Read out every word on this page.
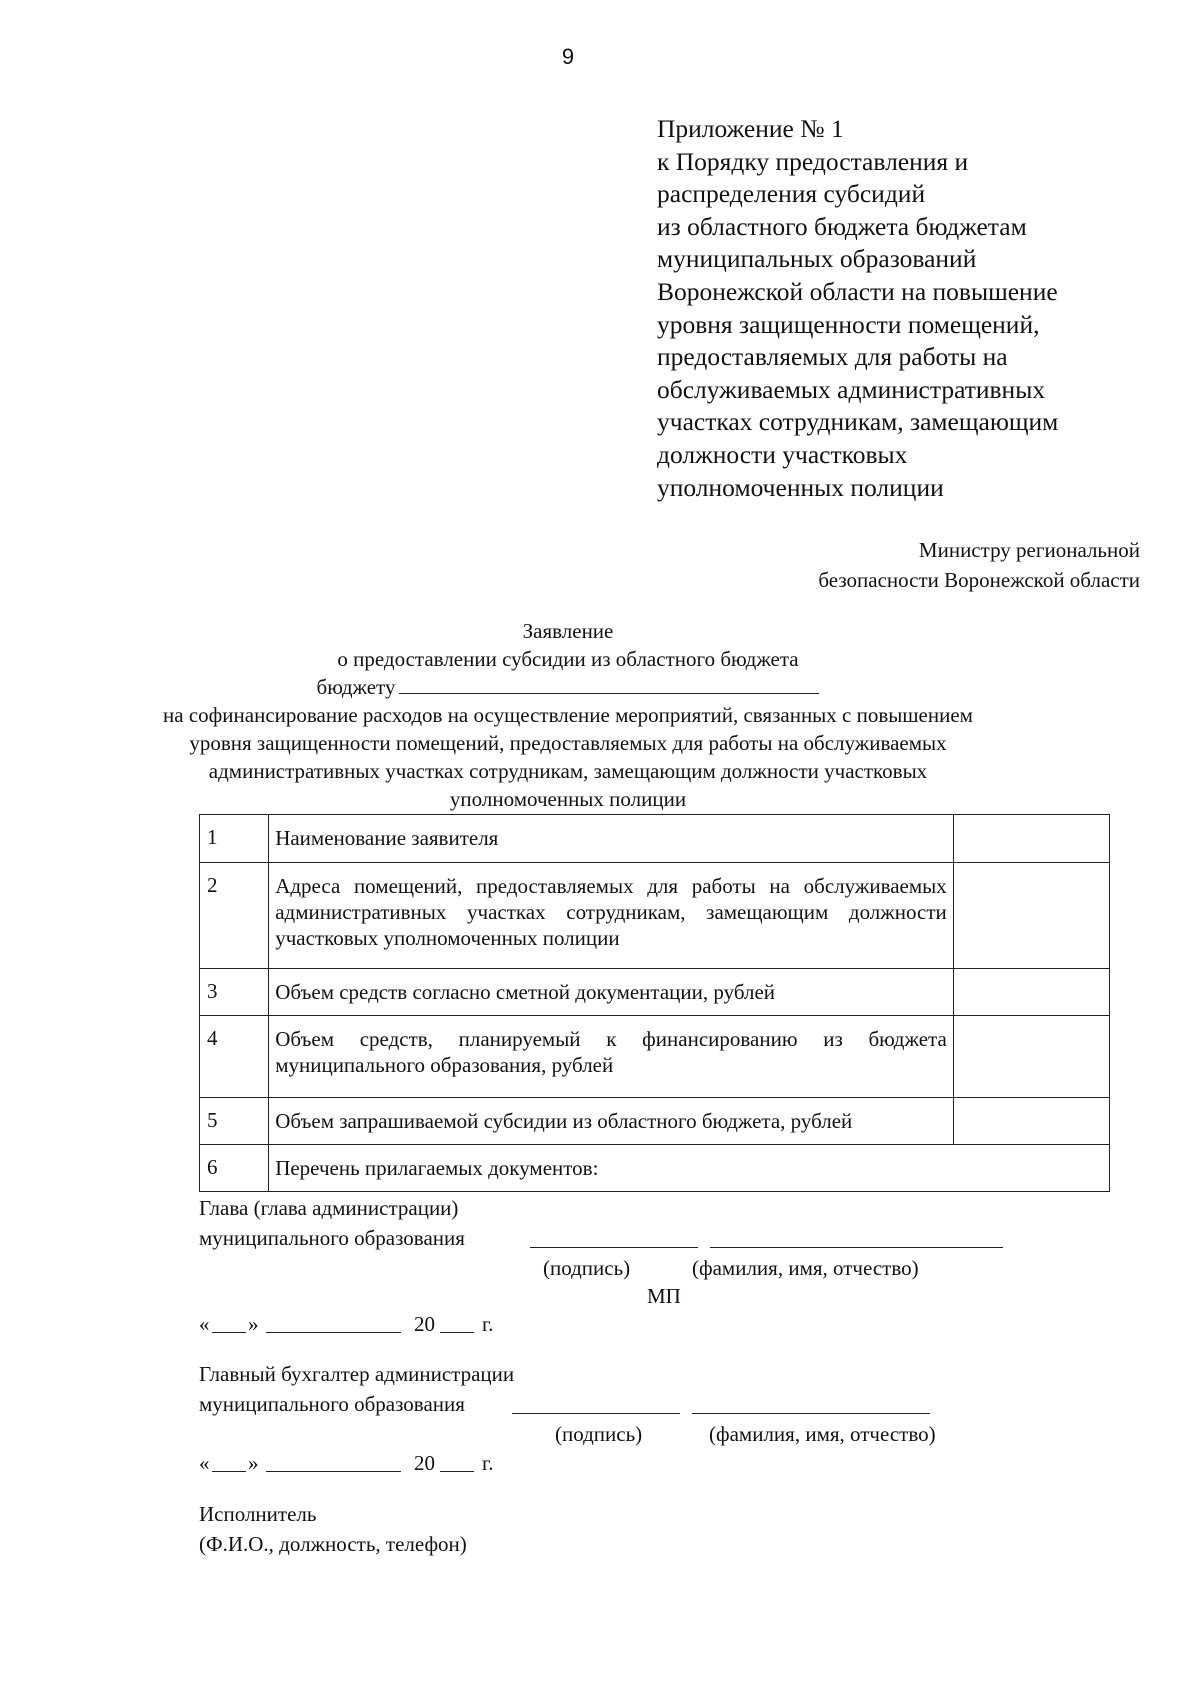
9
Приложение № 1
к Порядку предоставления и
распределения субсидий
из областного бюджета бюджетам
муниципальных образований
Воронежской области на повышение
уровня защищенности помещений,
предоставляемых для работы на
обслуживаемых административных
участках сотрудникам, замещающим
должности участковых
уполномоченных полиции
Министру региональной
безопасности Воронежской области
Заявление
о предоставлении субсидии из областного бюджета
бюджету
на софинансирование расходов на осуществление мероприятий, связанных с повышением
уровня защищенности помещений, предоставляемых для работы на обслуживаемых
административных участках сотрудникам, замещающим должности участковых
уполномоченных полиции
1	Наименование заявителя	
2	Адреса помещений, предоставляемых для работы на обслуживаемых административных участках сотрудникам, замещающим должности участковых уполномоченных полиции	
3	Объем средств согласно сметной документации, рублей	
4	Объем средств, планируемый к финансированию из бюджета муниципального образования, рублей	
5	Объем запрашиваемой субсидии из областного бюджета, рублей	
6	Перечень прилагаемых документов:	
Глава (глава администрации)
муниципального образования
(подпись)	(фамилия, имя, отчество)
МП
« »	20 г.
Главный бухгалтер администрации
муниципального образования
(подпись)	(фамилия, имя, отчество)
« »	20 г.
Исполнитель
(Ф.И.О., должность, телефон)
